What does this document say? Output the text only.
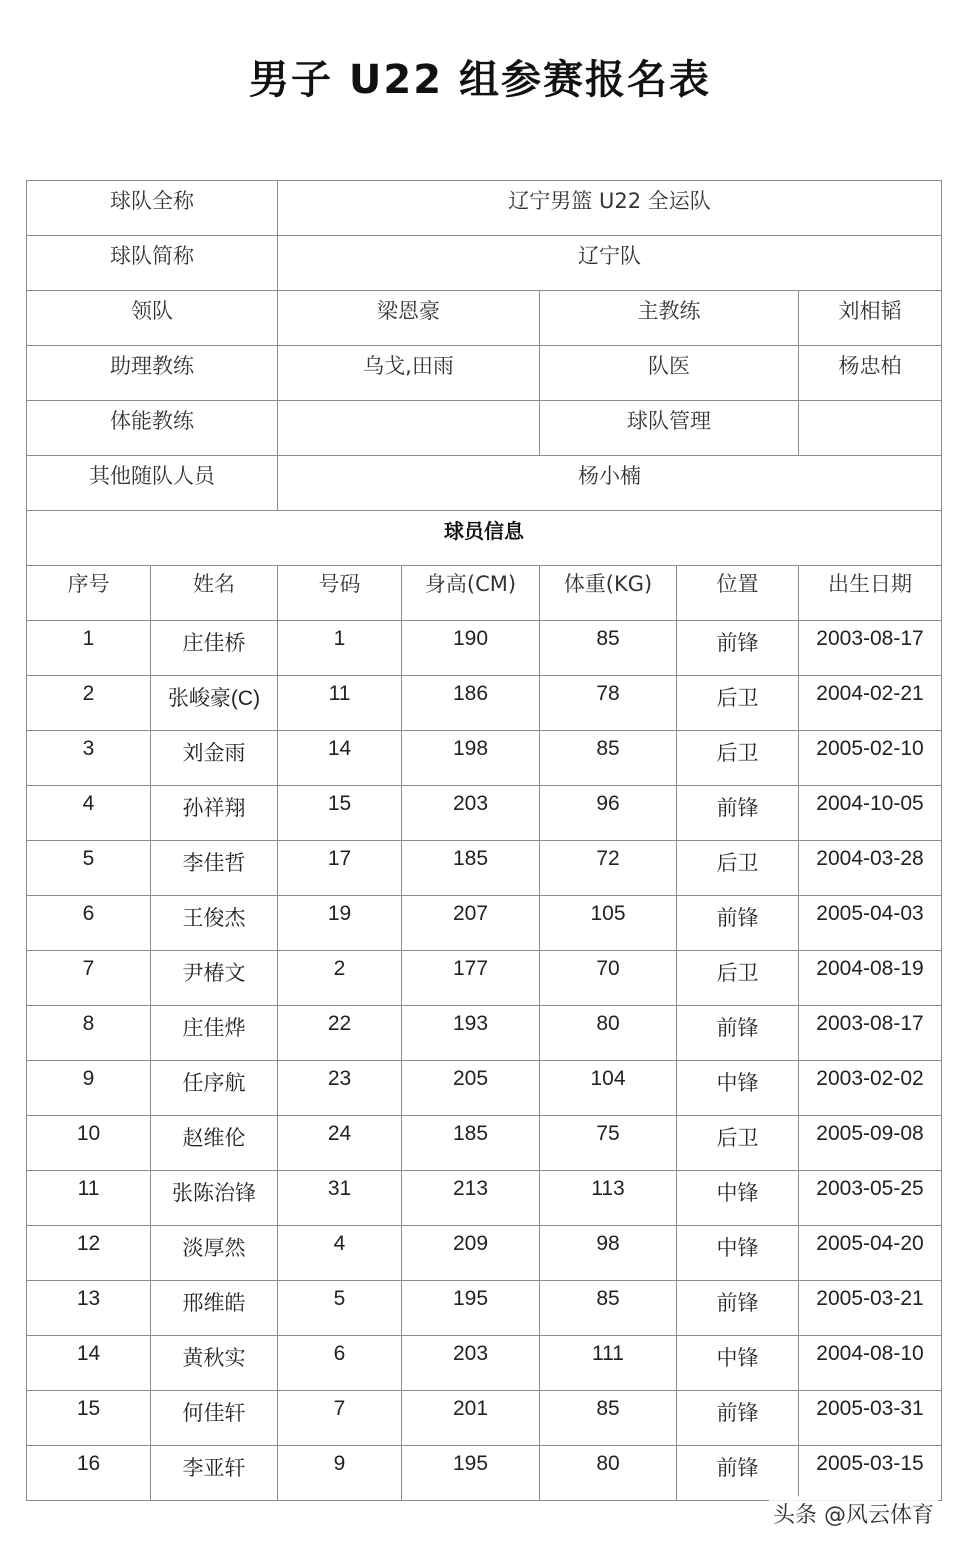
男子 U22 组参赛报名表
球队全称		辽宁男篮 U22 全运队				
球队简称		辽宁队				
领队		梁恩豪		主教练		刘相韬
助理教练		乌戈,田雨		队医		杨忠柏
体能教练				球队管理		
其他随队人员		杨小楠				
球员信息						
序号	姓名	号码	身高(CM)	体重(KG)	位置	出生日期
1	庄佳桥	1	190	85	前锋	2003-08-17
2	张峻豪(C)	11	186	78	后卫	2004-02-21
3	刘金雨	14	198	85	后卫	2005-02-10
4	孙祥翔	15	203	96	前锋	2004-10-05
5	李佳哲	17	185	72	后卫	2004-03-28
6	王俊杰	19	207	105	前锋	2005-04-03
7	尹椿文	2	177	70	后卫	2004-08-19
8	庄佳烨	22	193	80	前锋	2003-08-17
9	任序航	23	205	104	中锋	2003-02-02
10	赵维伦	24	185	75	后卫	2005-09-08
11	张陈治锋	31	213	113	中锋	2003-05-25
12	淡厚然	4	209	98	中锋	2005-04-20
13	邢维皓	5	195	85	前锋	2005-03-21
14	黄秋实	6	203	111	中锋	2004-08-10
15	何佳轩	7	201	85	前锋	2005-03-31
16	李亚轩	9	195	80	前锋	2005-03-15
头条 @风云体育
